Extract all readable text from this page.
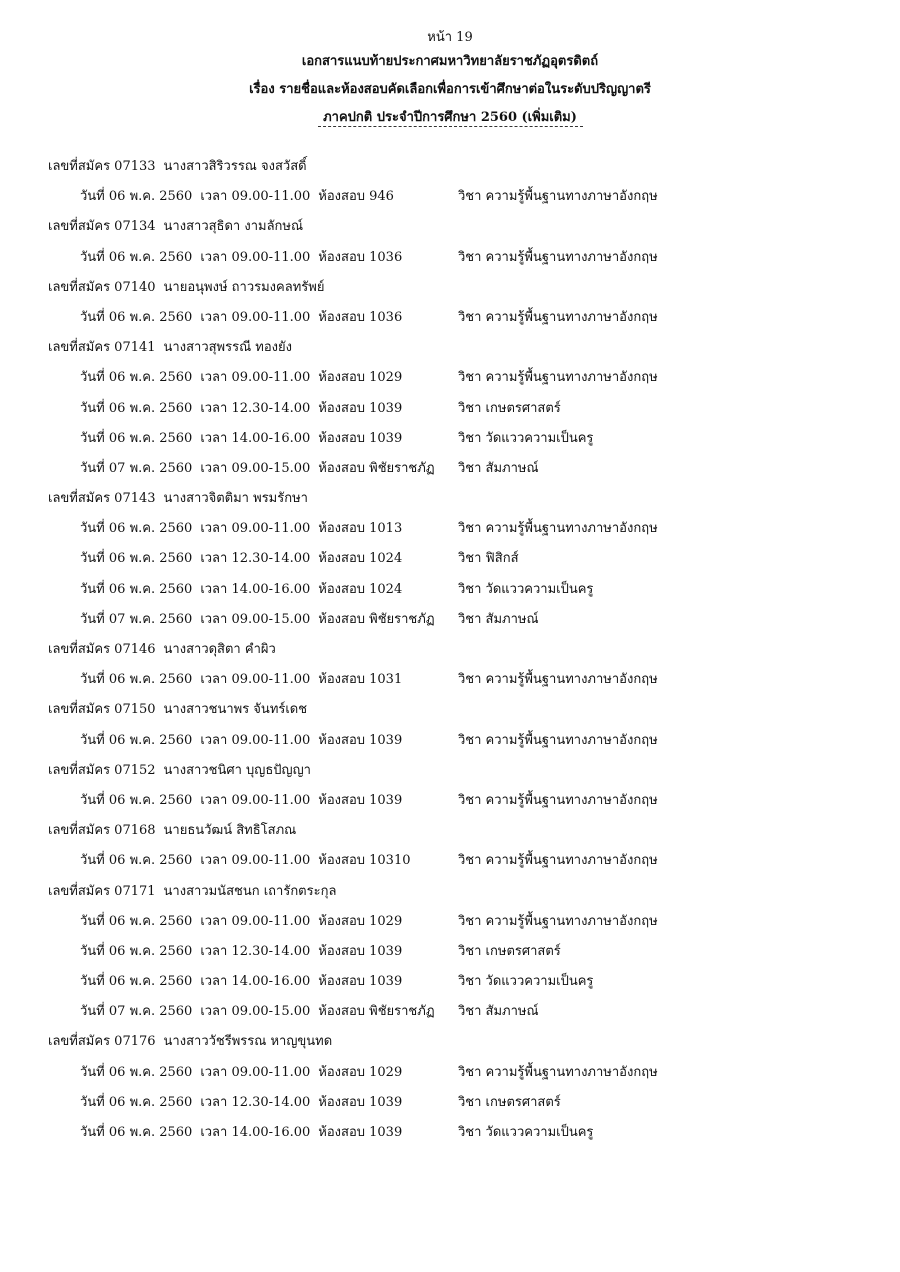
หน้า 19
เอกสารแนบท้ายประกาศมหาวิทยาลัยราชภัฏอุตรดิตถ์
เรื่อง รายชื่อและห้องสอบคัดเลือกเพื่อการเข้าศึกษาต่อในระดับปริญญาตรี
ภาคปกติ ประจำปีการศึกษา 2560 (เพิ่มเติม)
เลขที่สมัคร 07133 นางสาวสิริวรรณ จงสวัสดิ์
วันที่ 06 พ.ค. 2560 เวลา 09.00-11.00 ห้องสอบ 946	วิชา ความรู้พื้นฐานทางภาษาอังกฤษ
เลขที่สมัคร 07134 นางสาวสุธิดา งามลักษณ์
วันที่ 06 พ.ค. 2560 เวลา 09.00-11.00 ห้องสอบ 1036	วิชา ความรู้พื้นฐานทางภาษาอังกฤษ
เลขที่สมัคร 07140 นายอนุพงษ์ ถาวรมงคลทรัพย์
วันที่ 06 พ.ค. 2560 เวลา 09.00-11.00 ห้องสอบ 1036	วิชา ความรู้พื้นฐานทางภาษาอังกฤษ
เลขที่สมัคร 07141 นางสาวสุพรรณี ทองยัง
วันที่ 06 พ.ค. 2560 เวลา 09.00-11.00 ห้องสอบ 1029	วิชา ความรู้พื้นฐานทางภาษาอังกฤษ
วันที่ 06 พ.ค. 2560 เวลา 12.30-14.00 ห้องสอบ 1039	วิชา เกษตรศาสตร์
วันที่ 06 พ.ค. 2560 เวลา 14.00-16.00 ห้องสอบ 1039	วิชา วัดแววความเป็นครู
วันที่ 07 พ.ค. 2560 เวลา 09.00-15.00 ห้องสอบ พิชัยราชภัฏ วิชา สัมภาษณ์
เลขที่สมัคร 07143 นางสาวจิตติมา พรมรักษา
วันที่ 06 พ.ค. 2560 เวลา 09.00-11.00 ห้องสอบ 1013	วิชา ความรู้พื้นฐานทางภาษาอังกฤษ
วันที่ 06 พ.ค. 2560 เวลา 12.30-14.00 ห้องสอบ 1024	วิชา ฟิสิกส์
วันที่ 06 พ.ค. 2560 เวลา 14.00-16.00 ห้องสอบ 1024	วิชา วัดแววความเป็นครู
วันที่ 07 พ.ค. 2560 เวลา 09.00-15.00 ห้องสอบ พิชัยราชภัฏ วิชา สัมภาษณ์
เลขที่สมัคร 07146 นางสาวดุสิตา คำผิว
วันที่ 06 พ.ค. 2560 เวลา 09.00-11.00 ห้องสอบ 1031	วิชา ความรู้พื้นฐานทางภาษาอังกฤษ
เลขที่สมัคร 07150 นางสาวชนาพร จันทร์เดช
วันที่ 06 พ.ค. 2560 เวลา 09.00-11.00 ห้องสอบ 1039	วิชา ความรู้พื้นฐานทางภาษาอังกฤษ
เลขที่สมัคร 07152 นางสาวชนิศา บุญธปัญญา
วันที่ 06 พ.ค. 2560 เวลา 09.00-11.00 ห้องสอบ 1039	วิชา ความรู้พื้นฐานทางภาษาอังกฤษ
เลขที่สมัคร 07168 นายธนวัฒน์ สิทธิโสภณ
วันที่ 06 พ.ค. 2560 เวลา 09.00-11.00 ห้องสอบ 10310	วิชา ความรู้พื้นฐานทางภาษาอังกฤษ
เลขที่สมัคร 07171 นางสาวมนัสชนก เถารักตระกุล
วันที่ 06 พ.ค. 2560 เวลา 09.00-11.00 ห้องสอบ 1029	วิชา ความรู้พื้นฐานทางภาษาอังกฤษ
วันที่ 06 พ.ค. 2560 เวลา 12.30-14.00 ห้องสอบ 1039	วิชา เกษตรศาสตร์
วันที่ 06 พ.ค. 2560 เวลา 14.00-16.00 ห้องสอบ 1039	วิชา วัดแววความเป็นครู
วันที่ 07 พ.ค. 2560 เวลา 09.00-15.00 ห้องสอบ พิชัยราชภัฏ วิชา สัมภาษณ์
เลขที่สมัคร 07176 นางสาววัชรีพรรณ หาญขุนทด
วันที่ 06 พ.ค. 2560 เวลา 09.00-11.00 ห้องสอบ 1029	วิชา ความรู้พื้นฐานทางภาษาอังกฤษ
วันที่ 06 พ.ค. 2560 เวลา 12.30-14.00 ห้องสอบ 1039	วิชา เกษตรศาสตร์
วันที่ 06 พ.ค. 2560 เวลา 14.00-16.00 ห้องสอบ 1039	วิชา วัดแววความเป็นครู
